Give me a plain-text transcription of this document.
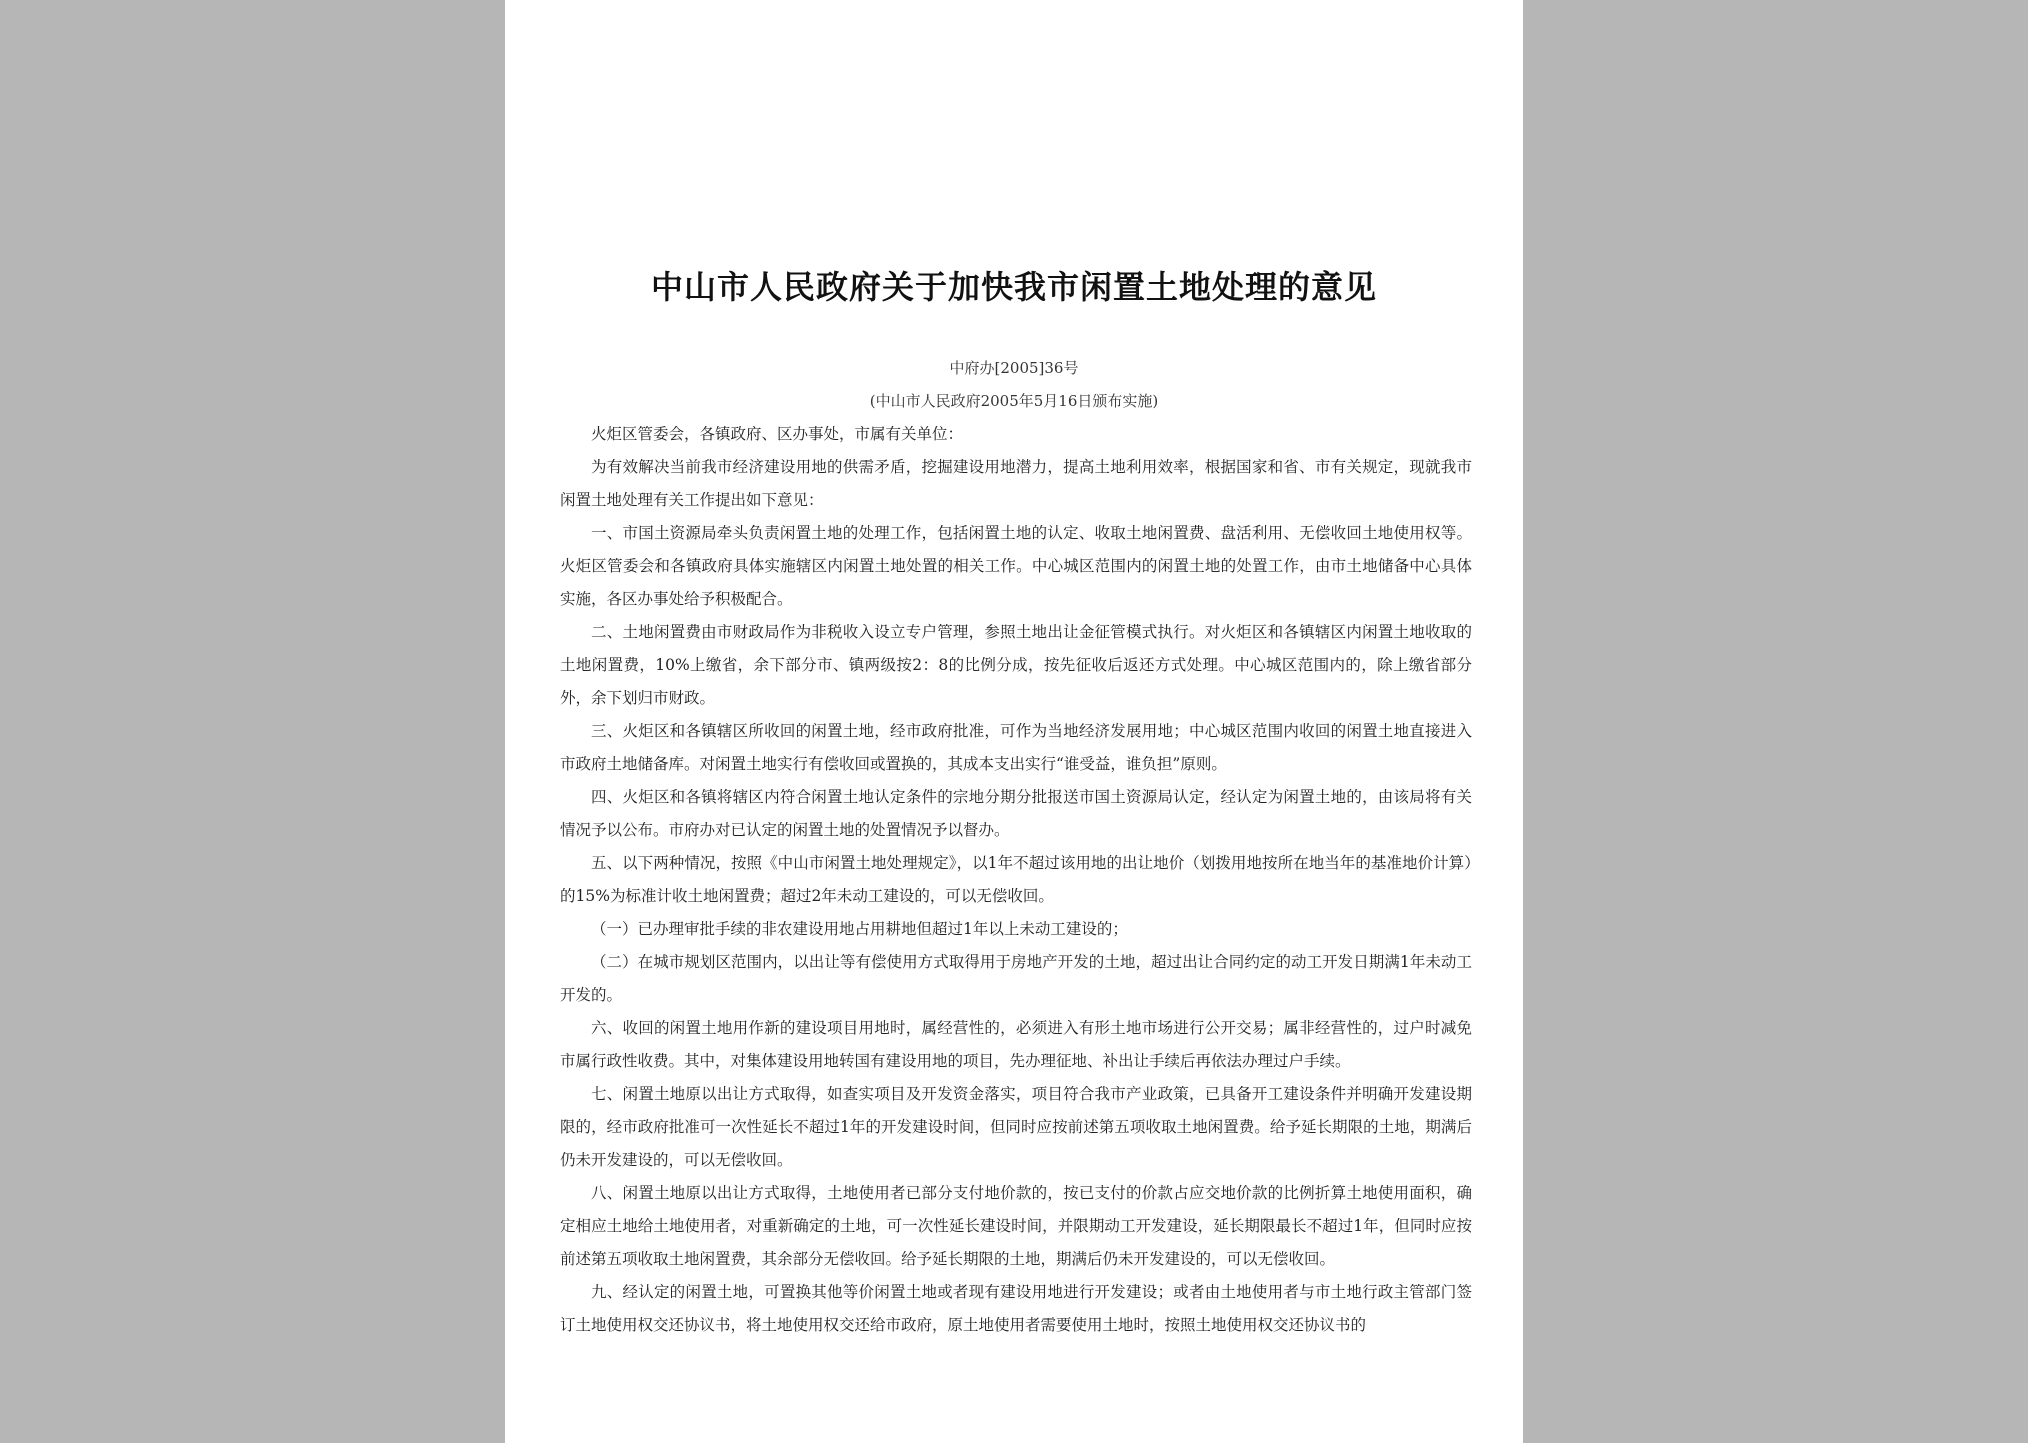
中山市人民政府关于加快我市闲置土地处理的意见
中府办[2005]36号
(中山市人民政府2005年5月16日颁布实施)

火炬区管委会，各镇政府、区办事处，市属有关单位：

为有效解决当前我市经济建设用地的供需矛盾，挖掘建设用地潜力，提高土地利用效率，根据国家和省、市有关规定，现就我市闲置土地处理有关工作提出如下意见：

一、市国土资源局牵头负责闲置土地的处理工作，包括闲置土地的认定、收取土地闲置费、盘活利用、无偿收回土地使用权等。火炬区管委会和各镇政府具体实施辖区内闲置土地处置的相关工作。中心城区范围内的闲置土地的处置工作，由市土地储备中心具体实施，各区办事处给予积极配合。

二、土地闲置费由市财政局作为非税收入设立专户管理，参照土地出让金征管模式执行。对火炬区和各镇辖区内闲置土地收取的土地闲置费，10%上缴省，余下部分市、镇两级按2：8的比例分成，按先征收后返还方式处理。中心城区范围内的，除上缴省部分外，余下划归市财政。

三、火炬区和各镇辖区所收回的闲置土地，经市政府批准，可作为当地经济发展用地；中心城区范围内收回的闲置土地直接进入市政府土地储备库。对闲置土地实行有偿收回或置换的，其成本支出实行“谁受益，谁负担”原则。

四、火炬区和各镇将辖区内符合闲置土地认定条件的宗地分期分批报送市国土资源局认定，经认定为闲置土地的，由该局将有关情况予以公布。市府办对已认定的闲置土地的处置情况予以督办。

五、以下两种情况，按照《中山市闲置土地处理规定》，以1年不超过该用地的出让地价（划拨用地按所在地当年的基准地价计算）的15%为标准计收土地闲置费；超过2年未动工建设的，可以无偿收回。

（一）已办理审批手续的非农建设用地占用耕地但超过1年以上未动工建设的；

（二）在城市规划区范围内，以出让等有偿使用方式取得用于房地产开发的土地，超过出让合同约定的动工开发日期满1年未动工开发的。

六、收回的闲置土地用作新的建设项目用地时，属经营性的，必须进入有形土地市场进行公开交易；属非经营性的，过户时减免市属行政性收费。其中，对集体建设用地转国有建设用地的项目，先办理征地、补出让手续后再依法办理过户手续。

七、闲置土地原以出让方式取得，如查实项目及开发资金落实，项目符合我市产业政策，已具备开工建设条件并明确开发建设期限的，经市政府批准可一次性延长不超过1年的开发建设时间，但同时应按前述第五项收取土地闲置费。给予延长期限的土地，期满后仍未开发建设的，可以无偿收回。

八、闲置土地原以出让方式取得，土地使用者已部分支付地价款的，按已支付的价款占应交地价款的比例折算土地使用面积，确定相应土地给土地使用者，对重新确定的土地，可一次性延长建设时间，并限期动工开发建设，延长期限最长不超过1年，但同时应按前述第五项收取土地闲置费，其余部分无偿收回。给予延长期限的土地，期满后仍未开发建设的，可以无偿收回。

九、经认定的闲置土地，可置换其他等价闲置土地或者现有建设用地进行开发建设；或者由土地使用者与市土地行政主管部门签订土地使用权交还协议书，将土地使用权交还给市政府，原土地使用者需要使用土地时，按照土地使用权交还协议书的
